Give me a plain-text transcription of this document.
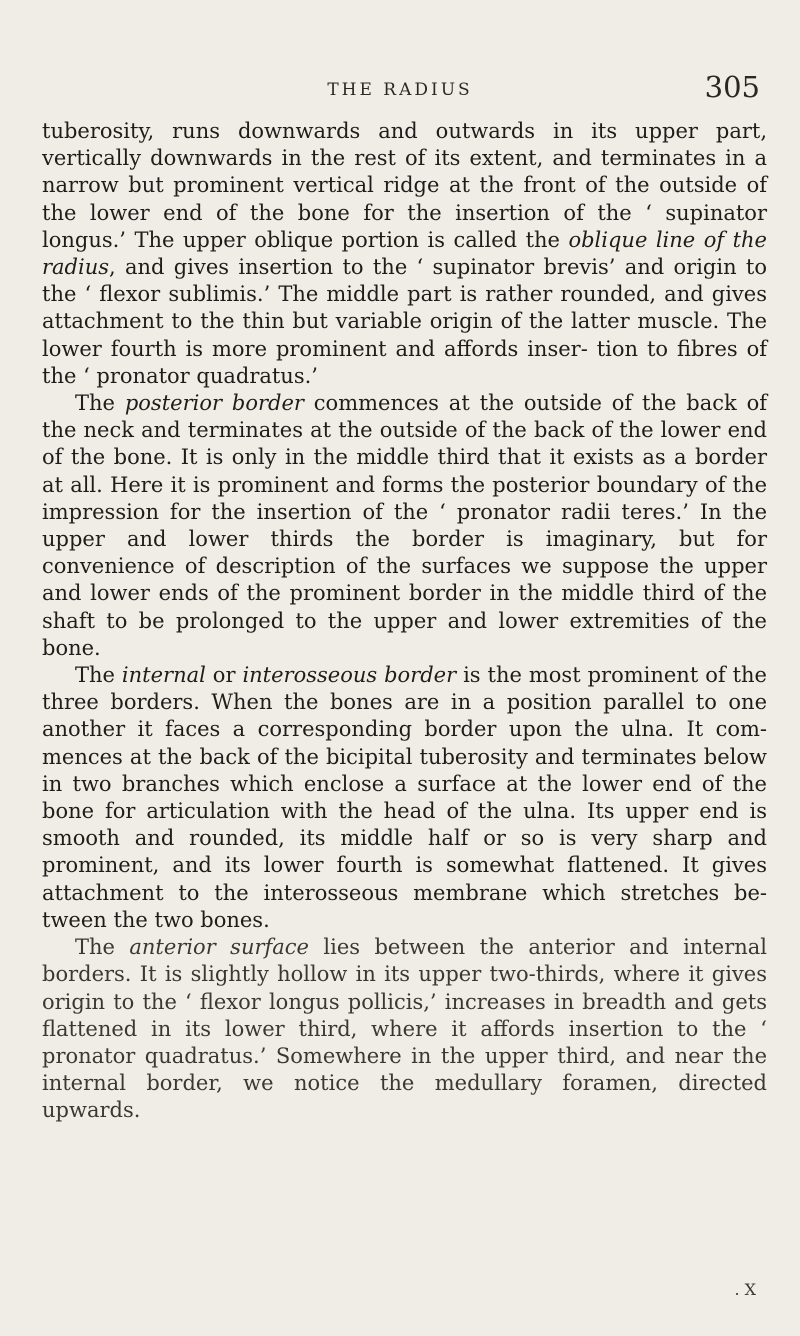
THE RADIUS	305

tuberosity, runs downwards and outwards in its upper part, vertically downwards in the rest of its extent, and terminates in a narrow but prominent vertical ridge at the front of the outside of the lower end of the bone for the insertion of the ‘ supinator longus.’ The upper oblique portion is called the oblique line of the radius, and gives insertion to the ‘ supinator brevis’ and origin to the ‘ flexor sublimis.’ The middle part is rather rounded, and gives attachment to the thin but variable origin of the latter muscle. The lower fourth is more prominent and affords inser- tion to fibres of the ‘ pronator quadratus.’

The posterior border commences at the outside of the back of the neck and terminates at the outside of the back of the lower end of the bone. It is only in the middle third that it exists as a border at all. Here it is prominent and forms the posterior boundary of the impression for the insertion of the ‘ pronator radii teres.’ In the upper and lower thirds the border is imaginary, but for convenience of description of the surfaces we suppose the upper and lower ends of the prominent border in the middle third of the shaft to be prolonged to the upper and lower extremities of the bone.

The internal or interosseous border is the most prominent of the three borders. When the bones are in a position parallel to one another it faces a corresponding border upon the ulna. It com- mences at the back of the bicipital tuberosity and terminates below in two branches which enclose a surface at the lower end of the bone for articulation with the head of the ulna. Its upper end is smooth and rounded, its middle half or so is very sharp and prominent, and its lower fourth is somewhat flattened. It gives attachment to the interosseous membrane which stretches be- tween the two bones.

The anterior surface lies between the anterior and internal borders. It is slightly hollow in its upper two-thirds, where it gives origin to the ‘ flexor longus pollicis,’ increases in breadth and gets flattened in its lower third, where it affords insertion to the ‘ pronator quadratus.’ Somewhere in the upper third, and near the internal border, we notice the medullary foramen, directed upwards.

. X
